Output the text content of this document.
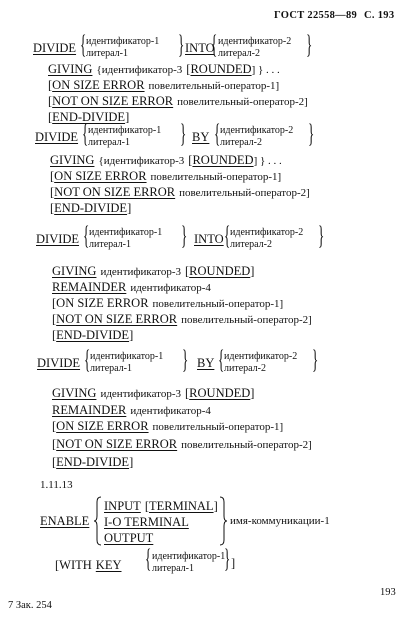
ГОСТ 22558—89 С. 193
DIVIDE { идентификатор-1
литерал-1	} INTO
{ идентификатор-2
литерал-2	}
GIVING {идентификатор-3 [ROUNDED] } . . .
[ON SIZE ERROR повелительный-оператор-1]
[NOT ON SIZE ERROR повелительный-оператор-2]
[END-DIVIDE]
DIVIDE { идентификатор-1
литерал-1	} BY { идентификатор-2
литерал-2	}
GIVING {идентификатор-3 [ROUNDED] } . . .
[ON SIZE ERROR повелительный-оператор-1]
[NOT ON SIZE ERROR повелительный-оператор-2]
[END-DIVIDE]
DIVIDE { идентификатор-1
литерал-1	} INTO { идентификатор-2
литерал-2	}
GIVING идентификатор-3 [ROUNDED]
REMAINDER идентификатор-4
[ON SIZE ERROR повелительный-оператор-1]
[NOT ON SIZE ERROR повелительный-оператор-2]
[END-DIVIDE]
DIVIDE { идентификатор-1
литерал-1	} BY { идентификатор-2
литерал-2	}
GIVING идентификатор-3 [ROUNDED]
REMAINDER идентификатор-4
[ON SIZE ERROR повелительный-оператор-1]
[NOT ON SIZE ERROR повелительный-оператор-2]
[END-DIVIDE]
1.11.13
ENABLE
INPUT [TERMINAL]
I-O TERMINAL
OUTPUT
имя-коммуникации-1
[WITH KEY { идентификатор-1
литерал-1	} ]
193
7 Зак. 254
